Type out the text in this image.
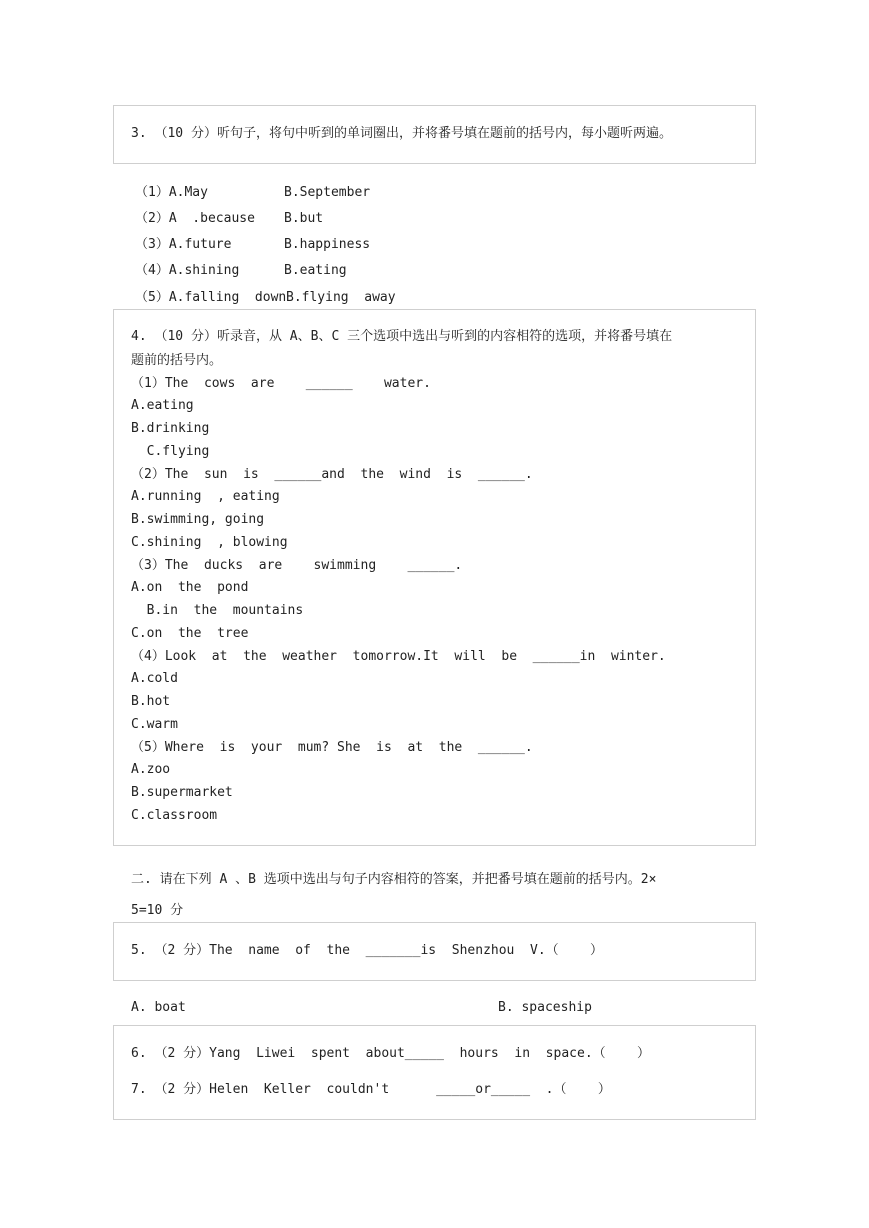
3. （10 分）听句子，将句中听到的单词圈出，并将番号填在题前的括号内，每小题听两遍。
（1）A.May	B.September
（2）A  .because B.but
（3）A.future	B.happiness
（4）A.shining	B.eating
（5）A.falling  down B.flying  away
4. （10 分）听录音，从 A、B、C 三个选项中选出与听到的内容相符的选项，并将番号填在
题前的括号内。
（1）The  cows  are    ______    water.
A.eating
B.drinking
C.flying
（2）The  sun  is  ______and  the  wind  is  ______.
A.running  , eating
B.swimming, going
C.shining  , blowing
（3）The  ducks  are    swimming    ______.
A.on  the  pond
B.in  the  mountains
C.on  the  tree
（4）Look  at  the  weather  tomorrow.It  will  be  ______in  winter.
A.cold
B.hot
C.warm
（5）Where  is  your  mum? She  is  at  the  ______.
A.zoo
B.supermarket
C.classroom
二. 请在下列 A 、B 选项中选出与句子内容相符的答案，并把番号填在题前的括号内。2×
5=10 分
5. （2 分）The  name  of  the  _______is  Shenzhou  V.（    ）
A. boat	B. spaceship
6. （2 分）Yang  Liwei  spent  about_____  hours  in  space.（    ）
7. （2 分）Helen  Keller  couldn't      _____or_____  .（    ）
